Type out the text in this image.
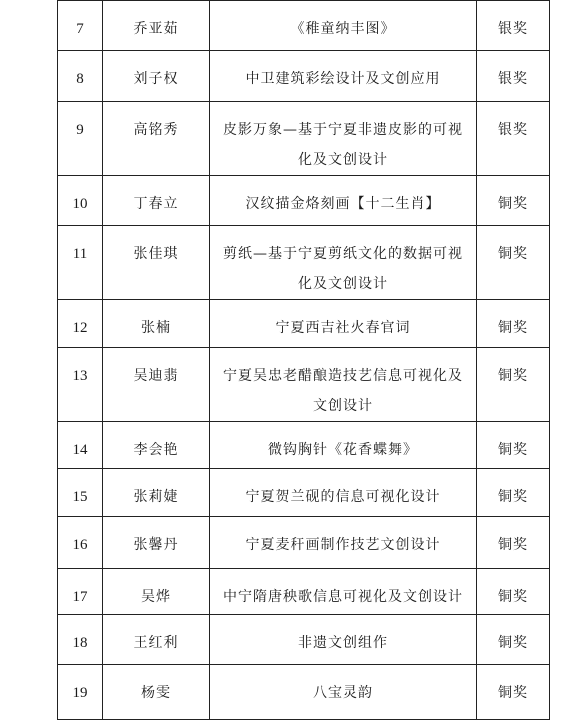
7	乔亚茹	《稚童纳丰图》	银奖

8	刘子权	中卫建筑彩绘设计及文创应用	银奖

9	高铭秀	皮影万象—基于宁夏非遗皮影的可视化及文创设计	银奖

10	丁春立	汉纹描金烙刻画【十二生肖】	铜奖

11	张佳琪	剪纸—基于宁夏剪纸文化的数据可视化及文创设计	铜奖

12	张楠	宁夏西吉社火春官词	铜奖

13	吴迪翡	宁夏吴忠老醋酿造技艺信息可视化及文创设计	铜奖

14	李会艳	微钩胸针《花香蝶舞》	铜奖

15	张莉婕	宁夏贺兰砚的信息可视化设计	铜奖

16	张馨丹	宁夏麦秆画制作技艺文创设计	铜奖

17	吴烨	中宁隋唐秧歌信息可视化及文创设计	铜奖

18	王红利	非遗文创组作	铜奖

19	杨雯	八宝灵韵	铜奖
